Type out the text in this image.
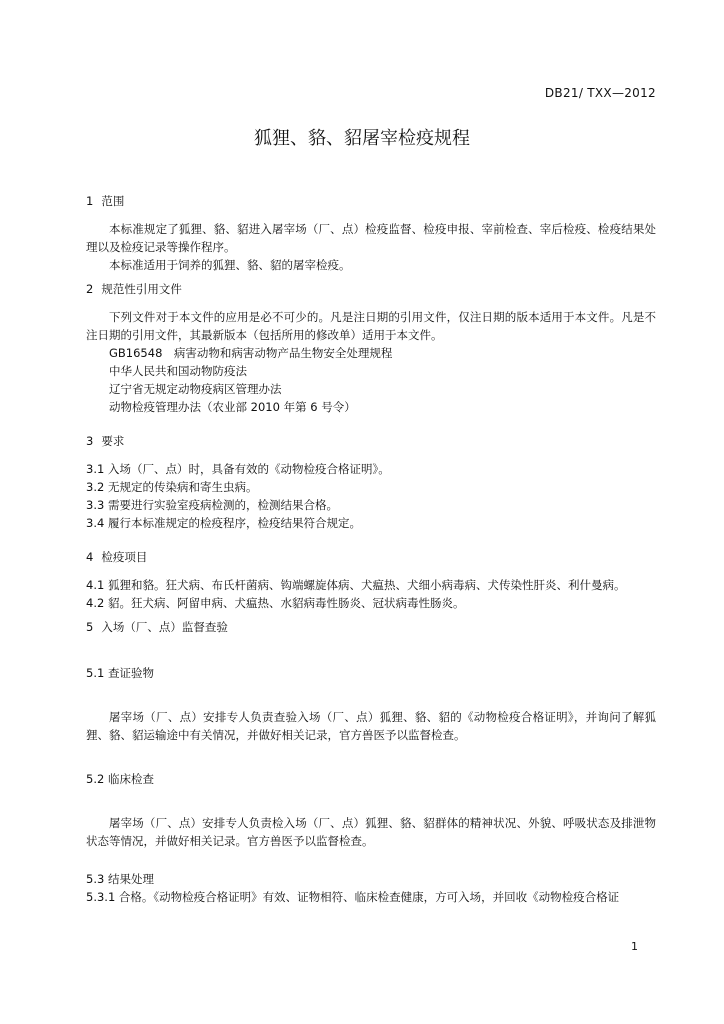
DB21/ TXX—2012
狐狸、貉、貂屠宰检疫规程

1 范围

本标准规定了狐狸、貉、貂进入屠宰场（厂、点）检疫监督、检疫申报、宰前检查、宰后检疫、检疫结果处理以及检疫记录等操作程序。

本标准适用于饲养的狐狸、貉、貂的屠宰检疫。

2 规范性引用文件

下列文件对于本文件的应用是必不可少的。凡是注日期的引用文件，仅注日期的版本适用于本文件。凡是不注日期的引用文件，其最新版本（包括所用的修改单）适用于本文件。

GB16548　病害动物和病害动物产品生物安全处理规程

中华人民共和国动物防疫法

辽宁省无规定动物疫病区管理办法

动物检疫管理办法（农业部 2010 年第 6 号令）

3 要求

3.1 入场（厂、点）时，具备有效的《动物检疫合格证明》。

3.2 无规定的传染病和寄生虫病。

3.3 需要进行实验室疫病检测的，检测结果合格。

3.4 履行本标准规定的检疫程序，检疫结果符合规定。

4 检疫项目

4.1 狐狸和貉。狂犬病、布氏杆菌病、钩端螺旋体病、犬瘟热、犬细小病毒病、犬传染性肝炎、利什曼病。

4.2 貂。狂犬病、阿留申病、犬瘟热、水貂病毒性肠炎、冠状病毒性肠炎。

5 入场（厂、点）监督查验

5.1 查证验物

屠宰场（厂、点）安排专人负责查验入场（厂、点）狐狸、貉、貂的《动物检疫合格证明》，并询问了解狐狸、貉、貂运输途中有关情况，并做好相关记录，官方兽医予以监督检查。

5.2 临床检查

屠宰场（厂、点）安排专人负责检入场（厂、点）狐狸、貉、貂群体的精神状况、外貌、呼吸状态及排泄物状态等情况，并做好相关记录。官方兽医予以监督检查。

5.3 结果处理

5.3.1 合格。《动物检疫合格证明》有效、证物相符、临床检查健康，方可入场，并回收《动物检疫合格证

1
